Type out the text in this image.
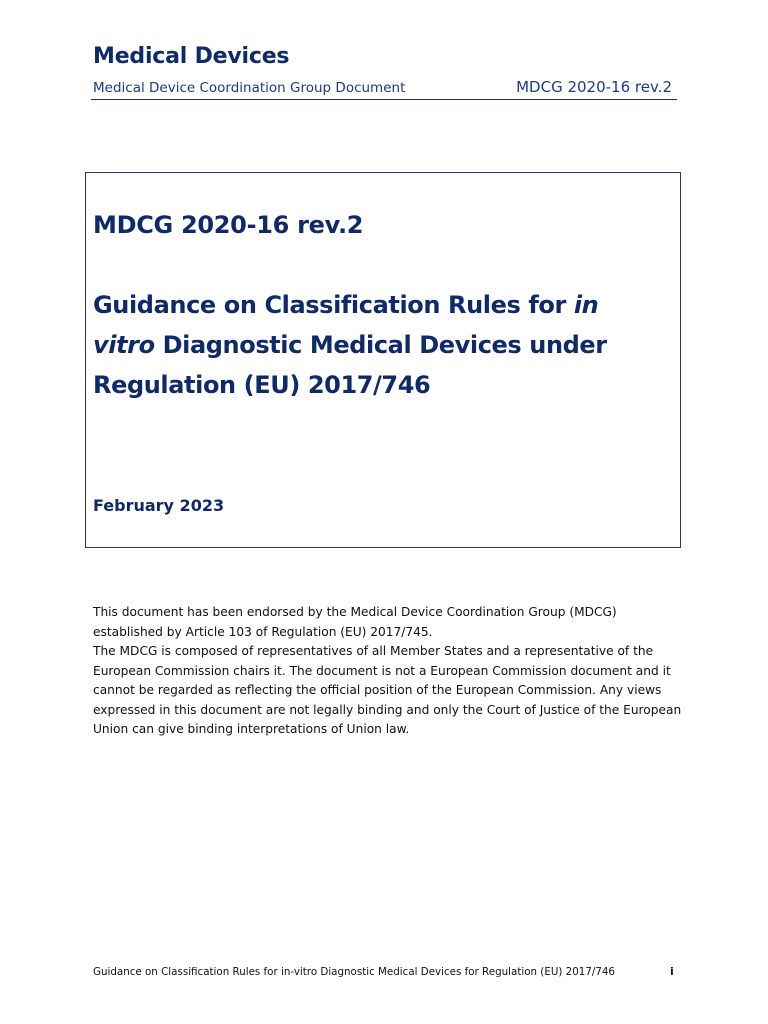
Medical Devices
Medical Device Coordination Group Document	MDCG 2020-16 rev.2
MDCG 2020-16 rev.2
Guidance on Classification Rules for in vitro Diagnostic Medical Devices under Regulation (EU) 2017/746
February 2023

This document has been endorsed by the Medical Device Coordination Group (MDCG) established by Article 103 of Regulation (EU) 2017/745.

The MDCG is composed of representatives of all Member States and a representative of the European Commission chairs it. The document is not a European Commission document and it cannot be regarded as reflecting the official position of the European Commission. Any views expressed in this document are not legally binding and only the Court of Justice of the European Union can give binding interpretations of Union law.

Guidance on Classification Rules for in-vitro Diagnostic Medical Devices for Regulation (EU) 2017/746	i
